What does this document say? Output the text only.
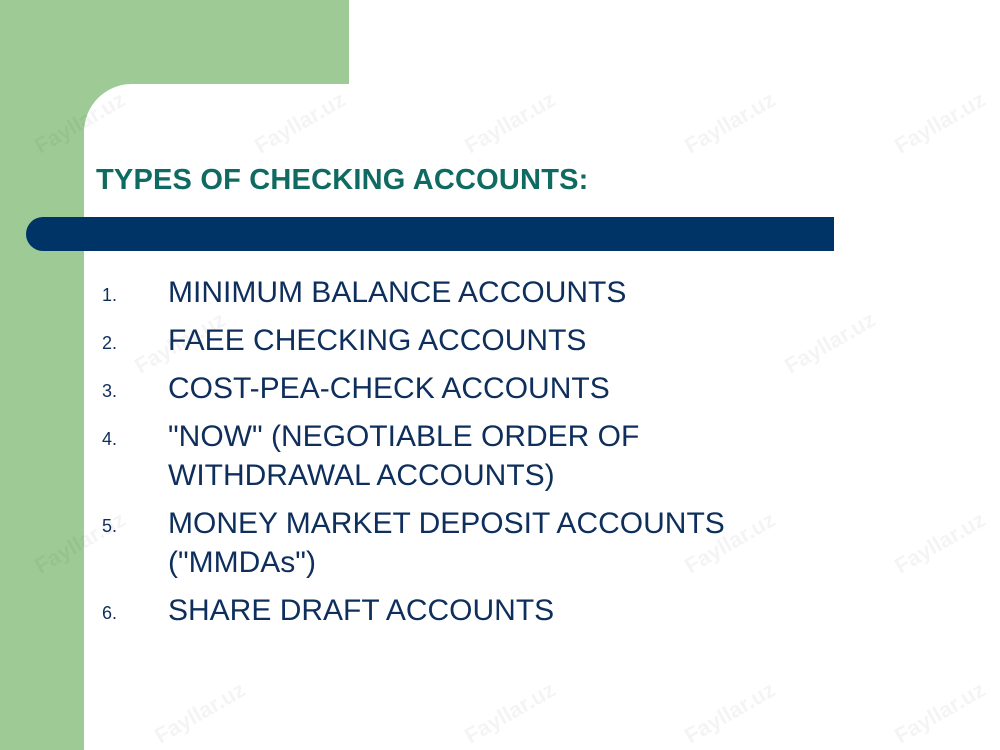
TYPES OF CHECKING ACCOUNTS:
1.	MINIMUM BALANCE ACCOUNTS
2.	FAEE CHECKING ACCOUNTS
3.	COST-PEA-CHECK ACCOUNTS
4.	"NOW" (NEGOTIABLE ORDER OF
WITHDRAWAL ACCOUNTS)
5.	MONEY MARKET DEPOSIT ACCOUNTS
("MMDAs")
6.	SHARE DRAFT ACCOUNTS
